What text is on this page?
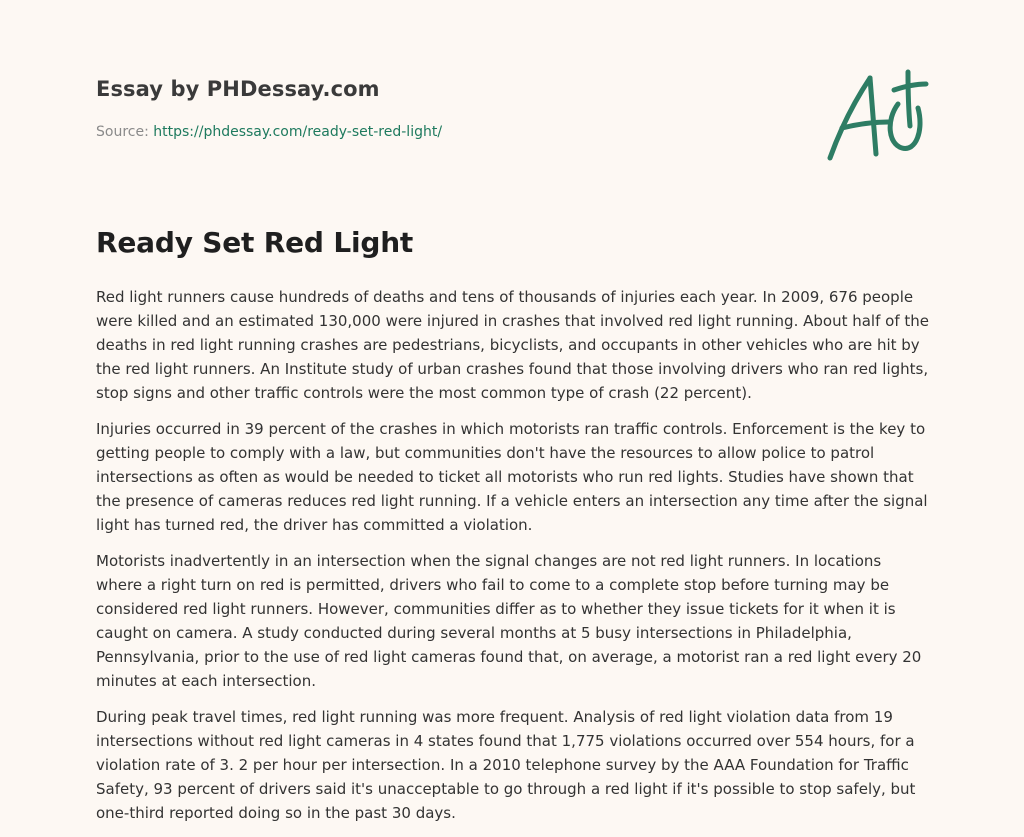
Essay by PHDessay.com
Source: https://phdessay.com/ready-set-red-light/
Ready Set Red Light

Red light runners cause hundreds of deaths and tens of thousands of injuries each year. In 2009, 676 people were killed and an estimated 130,000 were injured in crashes that involved red light running. About half of the deaths in red light running crashes are pedestrians, bicyclists, and occupants in other vehicles who are hit by the red light runners. An Institute study of urban crashes found that those involving drivers who ran red lights, stop signs and other traffic controls were the most common type of crash (22 percent).

Injuries occurred in 39 percent of the crashes in which motorists ran traffic controls. Enforcement is the key to getting people to comply with a law, but communities don't have the resources to allow police to patrol intersections as often as would be needed to ticket all motorists who run red lights. Studies have shown that the presence of cameras reduces red light running. If a vehicle enters an intersection any time after the signal light has turned red, the driver has committed a violation.

Motorists inadvertently in an intersection when the signal changes are not red light runners. In locations where a right turn on red is permitted, drivers who fail to come to a complete stop before turning may be considered red light runners. However, communities differ as to whether they issue tickets for it when it is caught on camera. A study conducted during several months at 5 busy intersections in Philadelphia, Pennsylvania, prior to the use of red light cameras found that, on average, a motorist ran a red light every 20 minutes at each intersection.

During peak travel times, red light running was more frequent. Analysis of red light violation data from 19 intersections without red light cameras in 4 states found that 1,775 violations occurred over 554 hours, for a violation rate of 3. 2 per hour per intersection. In a 2010 telephone survey by the AAA Foundation for Traffic Safety, 93 percent of drivers said it's unacceptable to go through a red light if it's possible to stop safely, but one-third reported doing so in the past 30 days.
